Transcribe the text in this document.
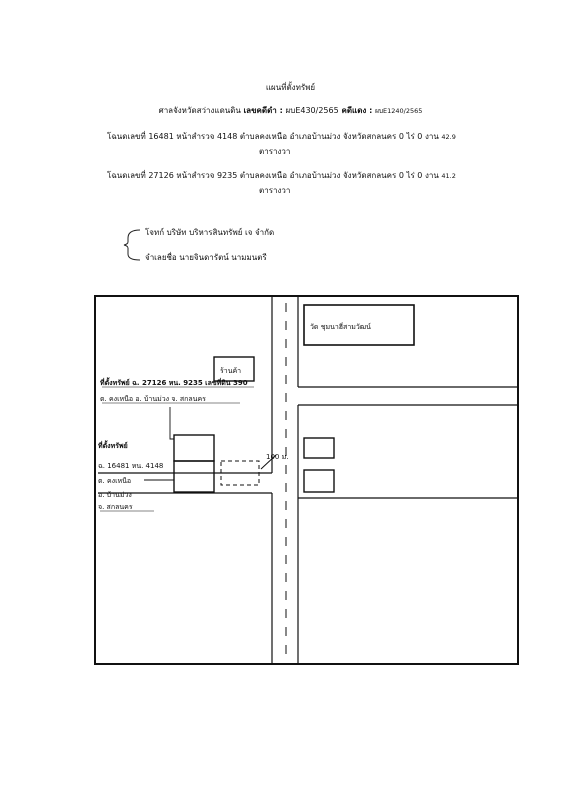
แผนที่ตั้งทรัพย์
ศาลจังหวัดสว่างแดนดิน เลขคดีดำ : ผบE430/2565 คดีแดง : ผบE1240/2565
โฉนดเลขที่ 16481 หน้าสำรวจ 4148 ตำบลคงเหนือ อำเภอบ้านม่วง จังหวัดสกลนคร 0 ไร่ 0 งาน 42.9
ตารางวา
โฉนดเลขที่ 27126 หน้าสำรวจ 9235 ตำบลคงเหนือ อำเภอบ้านม่วง จังหวัดสกลนคร 0 ไร่ 0 งาน 41.2
ตารางวา
โจทก์ บริษัท บริหารสินทรัพย์ เจ จำกัด
จำเลยชื่อ นายจินดารัตน์ นามมนตรี
วัด ชุมนาฮี่สามวัฒน์
ร้านค้า
100 ม.
ที่ตั้งทรัพย์ ฉ. 27126 หน. 9235 เลขที่ดิน 390
ต. คงเหนือ อ. บ้านม่วง จ. สกลนคร
ที่ตั้งทรัพย์
ฉ. 16481 หน. 4148
ต. คงเหนือ
อ. บ้านม่วง
จ. สกลนคร
